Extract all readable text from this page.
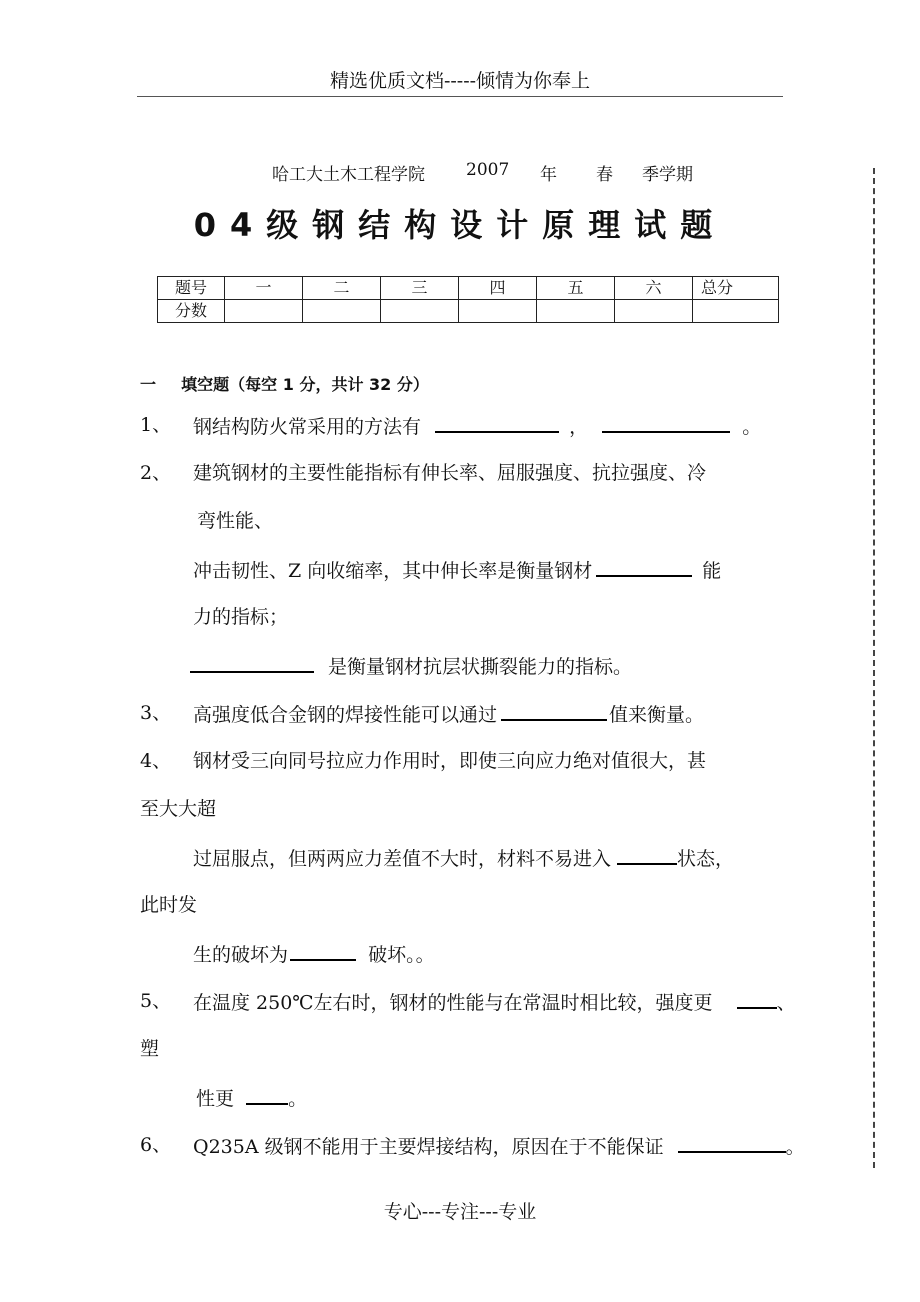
精选优质文档-----倾情为你奉上
哈工大土木工程学院 2007 年 春 季学期
04级钢结构设计原理试题
题号	一	二	三	四	五	六	总分
分数							
一 填空题（每空 1 分，共计 32 分）
1、 钢结构防火常采用的方法有	，	。
2、 建筑钢材的主要性能指标有伸长率、屈服强度、抗拉强度、冷
弯性能、
冲击韧性、Z 向收缩率，其中伸长率是衡量钢材	能
力的指标；
是衡量钢材抗层状撕裂能力的指标。
3、 高强度低合金钢的焊接性能可以通过	值来衡量。
4、 钢材受三向同号拉应力作用时，即使三向应力绝对值很大，甚
至大大超
过屈服点，但两两应力差值不大时，材料不易进入	状态，
此时发
生的破坏为	破坏。。
5、 在温度 250℃左右时，钢材的性能与在常温时相比较，强度更	、
塑
性更	。
6、 Q235A 级钢不能用于主要焊接结构，原因在于不能保证	。
专心---专注---专业
